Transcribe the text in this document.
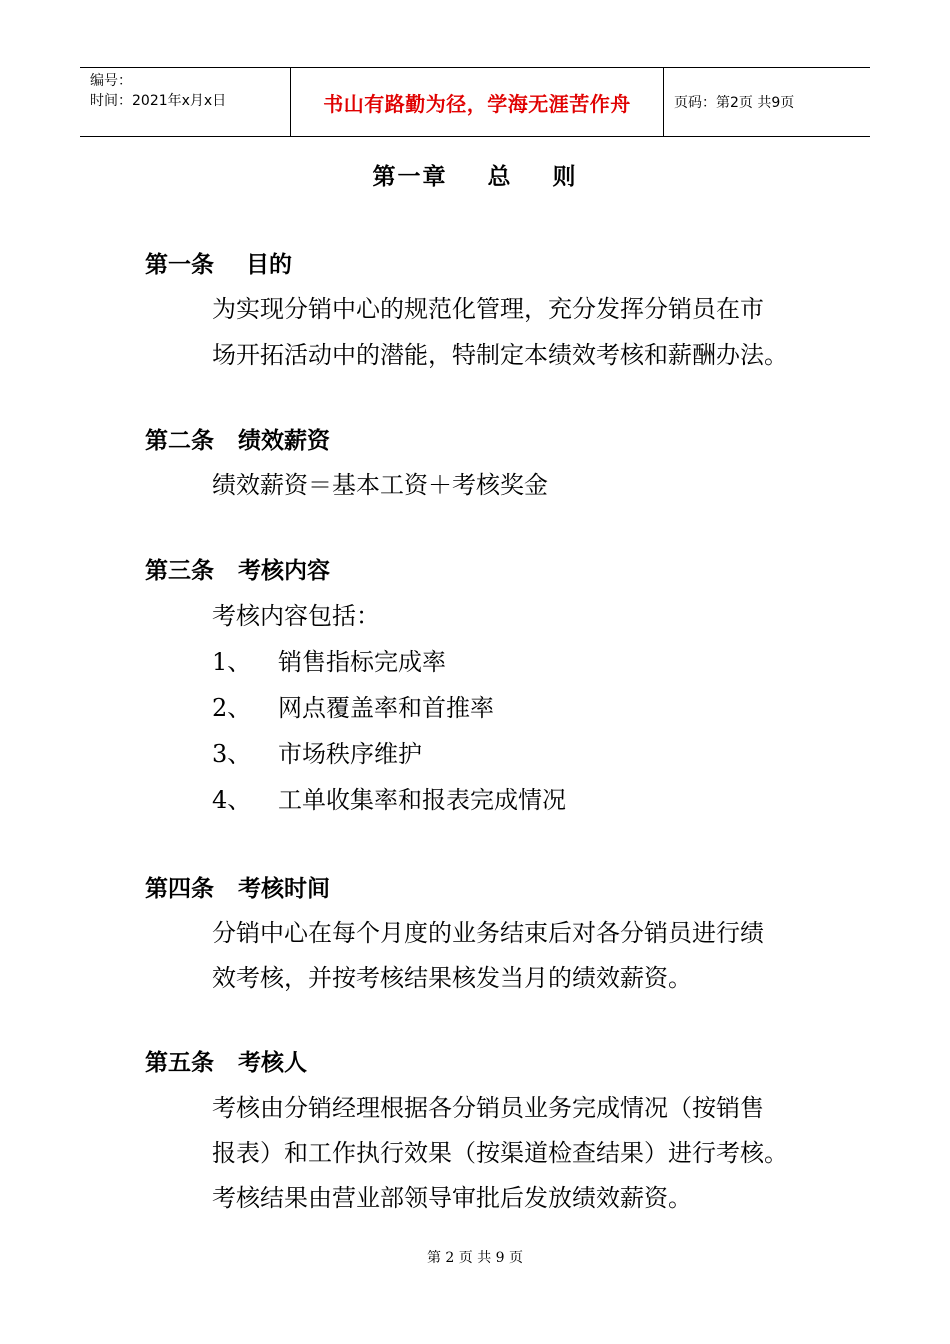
编号：
时间：2021年x月x日	书山有路勤为径，学海无涯苦作舟	页码：第2页 共9页
第一章    总    则
第一条    目的
为实现分销中心的规范化管理，充分发挥分销员在市
场开拓活动中的潜能，特制定本绩效考核和薪酬办法。
第二条   绩效薪资
绩效薪资＝基本工资＋考核奖金
第三条   考核内容
考核内容包括：
1、 销售指标完成率
2、 网点覆盖率和首推率
3、 市场秩序维护
4、 工单收集率和报表完成情况
第四条   考核时间
分销中心在每个月度的业务结束后对各分销员进行绩
效考核，并按考核结果核发当月的绩效薪资。
第五条   考核人
考核由分销经理根据各分销员业务完成情况（按销售
报表）和工作执行效果（按渠道检查结果）进行考核。
考核结果由营业部领导审批后发放绩效薪资。
第 2 页 共 9 页
